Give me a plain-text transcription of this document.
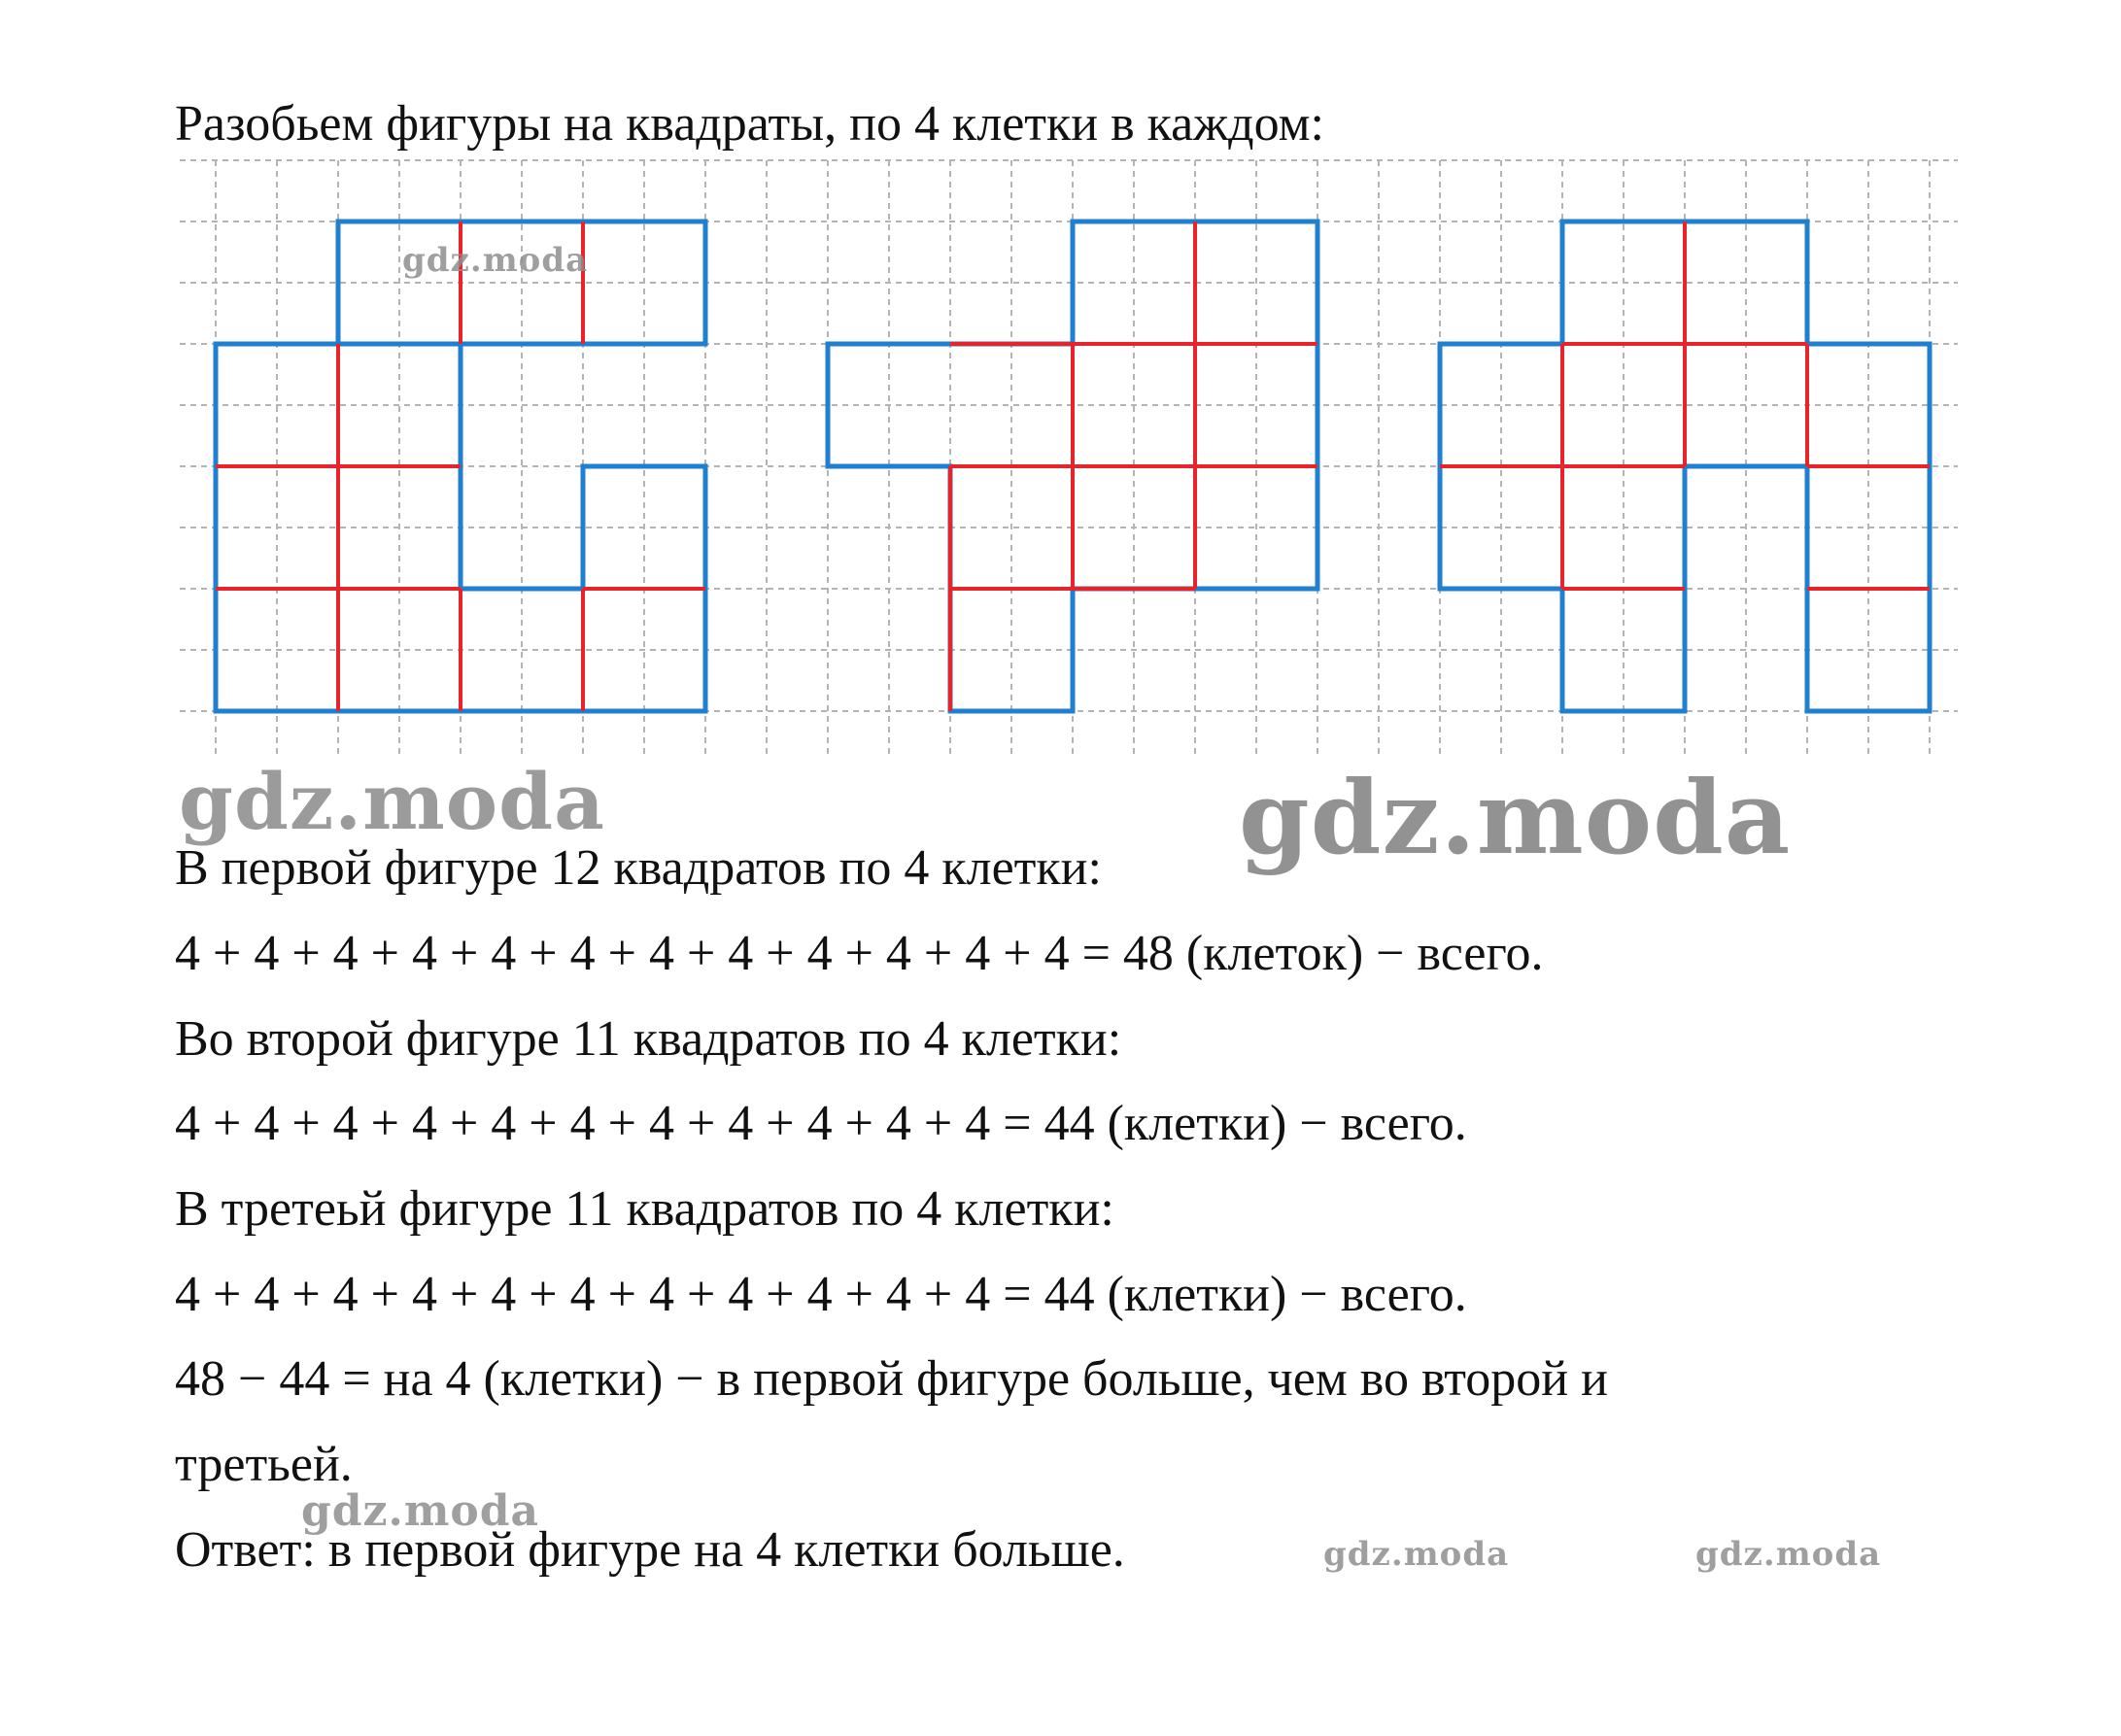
Разобьем фигуры на квадраты, по 4 клетки в каждом:
gdz.moda
В первой фигуре 12 квадратов по 4 клетки:
4 + 4 + 4 + 4 + 4 + 4 + 4 + 4 + 4 + 4 + 4 + 4 = 48 (клеток) − всего.
Во второй фигуре 11 квадратов по 4 клетки:
4 + 4 + 4 + 4 + 4 + 4 + 4 + 4 + 4 + 4 + 4 = 44 (клетки) − всего.
В третеьй фигуре 11 квадратов по 4 клетки:
4 + 4 + 4 + 4 + 4 + 4 + 4 + 4 + 4 + 4 + 4 = 44 (клетки) − всего.
48 − 44 = на 4 (клетки) − в первой фигуре больше, чем во второй и
третьей.
Ответ: в первой фигуре на 4 клетки больше.
gdz.moda	gdz.moda
gdz.moda
gdz.moda	gdz.moda
